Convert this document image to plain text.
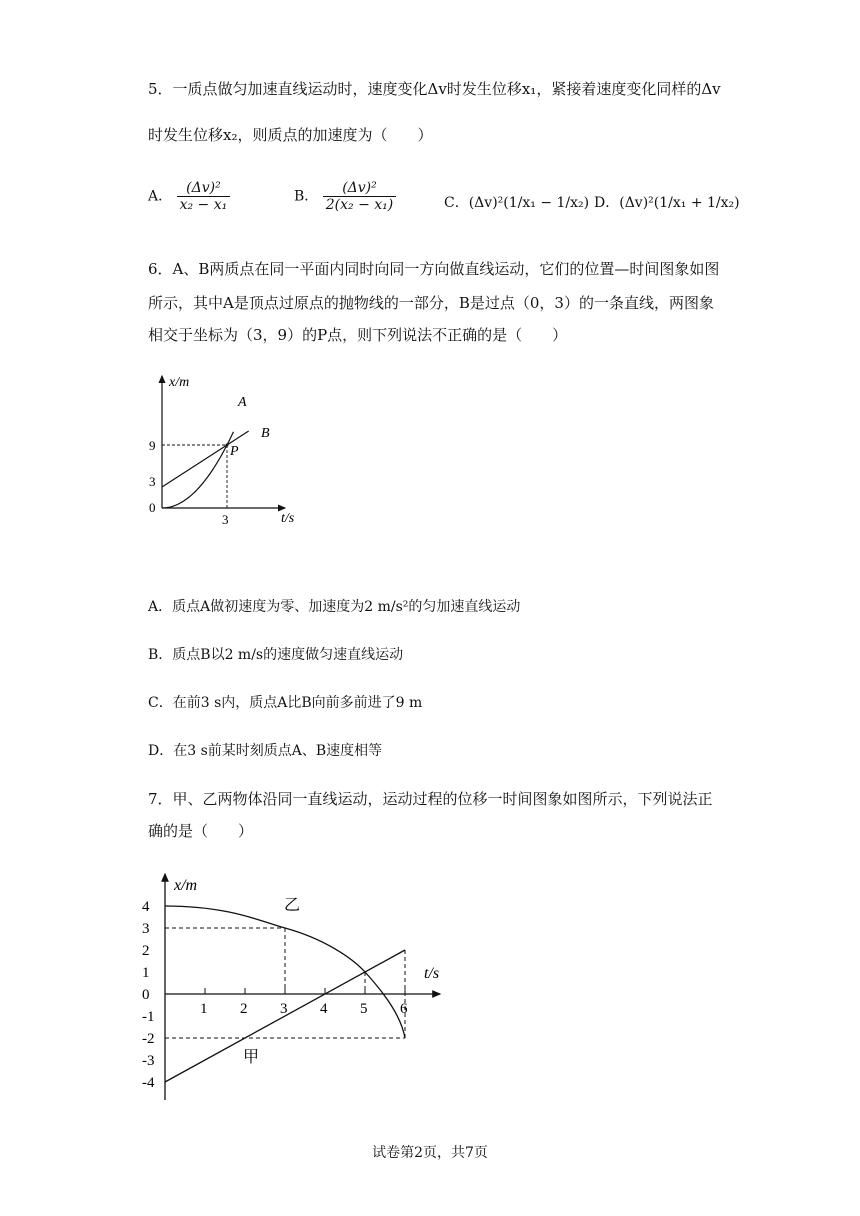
5．一质点做匀加速直线运动时，速度变化Δv时发生位移x₁，紧接着速度变化同样的Δv
时发生位移x₂，则质点的加速度为（　　）
A． $\frac{\text{(Δv)²}}{\text{x₂ − x₁}}$	B． $\frac{\text{(Δv)²}}{\text{2(x₂ − x₁)}}$	C．(Δv)²(1/x₁ − 1/x₂) D．(Δv)²(1/x₁ + 1/x₂)
6．A、B两质点在同一平面内同时向同一方向做直线运动，它们的位置—时间图象如图
所示，其中A是顶点过原点的抛物线的一部分，B是过点（0，3）的一条直线，两图象
相交于坐标为（3，9）的P点，则下列说法不正确的是（　　）
x/m
t/s
9
3
0
3
A
B
P
A．质点A做初速度为零、加速度为2 m/s²的匀加速直线运动
B．质点B以2 m/s的速度做匀速直线运动
C．在前3 s内，质点A比B向前多前进了9 m
D．在3 s前某时刻质点A、B速度相等
7．甲、乙两物体沿同一直线运动，运动过程的位移一时间图象如图所示，下列说法正
确的是（　　）
x/m
t/s
乙
甲
1 2 3 4 5 6
4
3
2
1
0
-1
-2
-3
-4
试卷第2页，共7页
